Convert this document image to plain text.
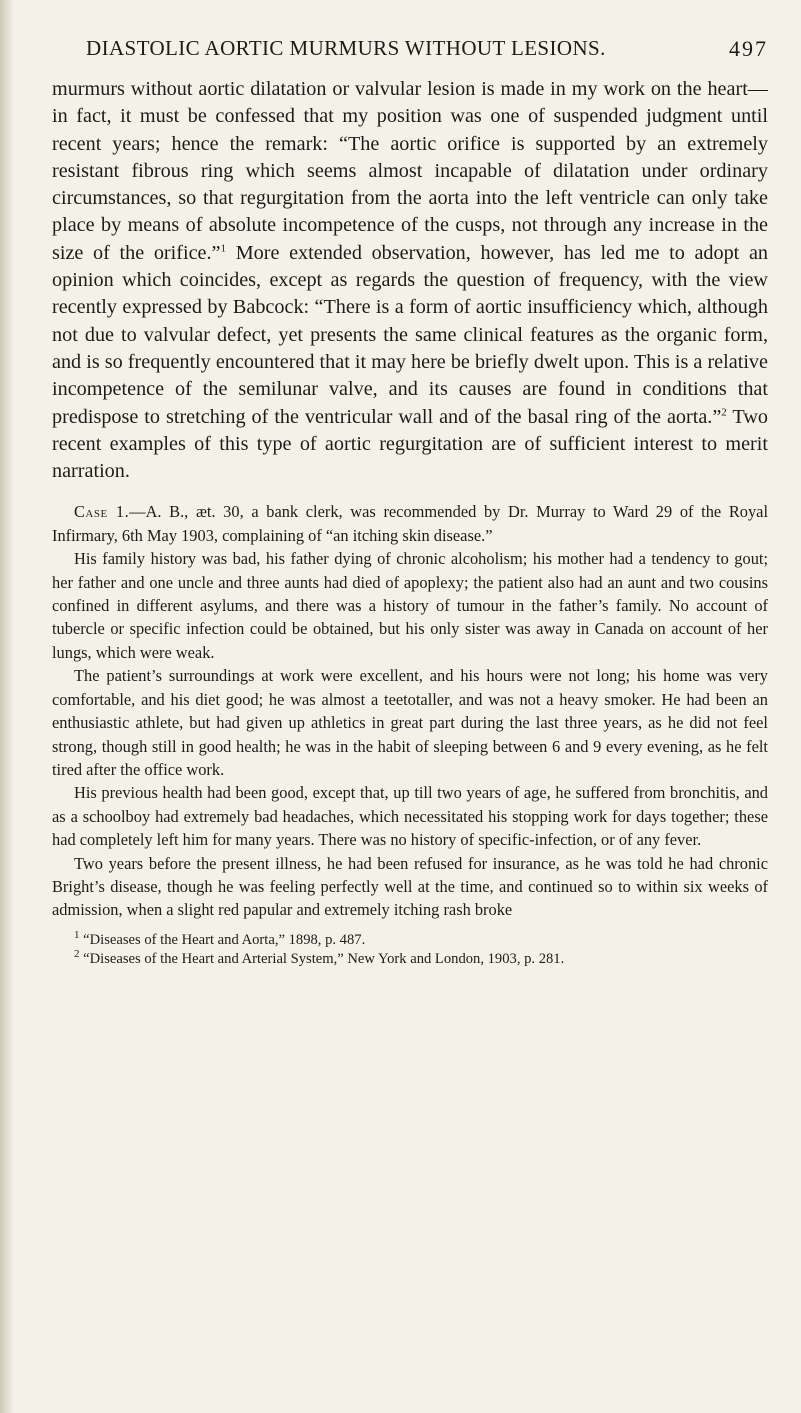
DIASTOLIC AORTIC MURMURS WITHOUT LESIONS.	497

murmurs without aortic dilatation or valvular lesion is made in my work on the heart—in fact, it must be confessed that my position was one of suspended judgment until recent years; hence the remark: “The aortic orifice is supported by an extremely resistant fibrous ring which seems almost incapable of dilatation under ordinary circumstances, so that regurgitation from the aorta into the left ventricle can only take place by means of absolute incompetence of the cusps, not through any increase in the size of the orifice.”$^1$ More extended observation, however, has led me to adopt an opinion which coincides, except as regards the question of frequency, with the view recently expressed by Babcock: “There is a form of aortic insufficiency which, although not due to valvular defect, yet presents the same clinical features as the organic form, and is so frequently encountered that it may here be briefly dwelt upon. This is a relative incompetence of the semilunar valve, and its causes are found in conditions that predispose to stretching of the ventricular wall and of the basal ring of the aorta.”$^2$ Two recent examples of this type of aortic regurgitation are of sufficient interest to merit narration.

Case 1.—A. B., æt. 30, a bank clerk, was recommended by Dr. Murray to Ward 29 of the Royal Infirmary, 6th May 1903, complaining of “an itching skin disease.”

His family history was bad, his father dying of chronic alcoholism; his mother had a tendency to gout; her father and one uncle and three aunts had died of apoplexy; the patient also had an aunt and two cousins confined in different asylums, and there was a history of tumour in the father’s family. No account of tubercle or specific infection could be obtained, but his only sister was away in Canada on account of her lungs, which were weak.

The patient’s surroundings at work were excellent, and his hours were not long; his home was very comfortable, and his diet good; he was almost a teetotaller, and was not a heavy smoker. He had been an enthusiastic athlete, but had given up athletics in great part during the last three years, as he did not feel strong, though still in good health; he was in the habit of sleeping between 6 and 9 every evening, as he felt tired after the office work.

His previous health had been good, except that, up till two years of age, he suffered from bronchitis, and as a schoolboy had extremely bad headaches, which necessitated his stopping work for days together; these had completely left him for many years. There was no history of specific-infection, or of any fever.

Two years before the present illness, he had been refused for insurance, as he was told he had chronic Bright’s disease, though he was feeling perfectly well at the time, and continued so to within six weeks of admission, when a slight red papular and extremely itching rash broke

$^1$ “Diseases of the Heart and Aorta,” 1898, p. 487.

$^2$ “Diseases of the Heart and Arterial System,” New York and London, 1903, p. 281.
